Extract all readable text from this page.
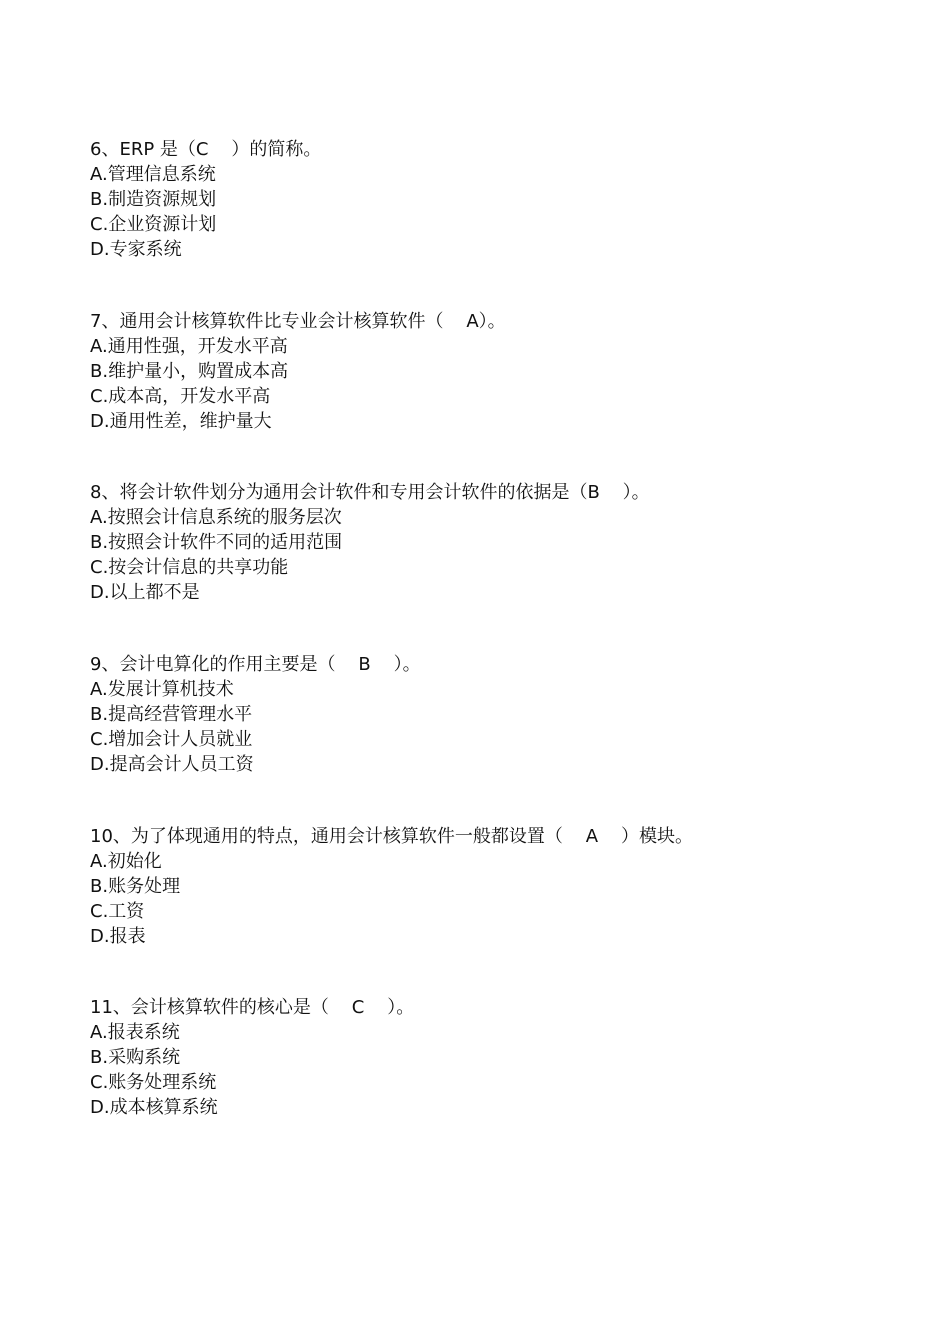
6、ERP 是（C    ）的简称。
A.管理信息系统
B.制造资源规划
C.企业资源计划
D.专家系统
7、通用会计核算软件比专业会计核算软件（    A）。
A.通用性强，开发水平高
B.维护量小，购置成本高
C.成本高，开发水平高
D.通用性差，维护量大
8、将会计软件划分为通用会计软件和专用会计软件的依据是（B    ）。
A.按照会计信息系统的服务层次
B.按照会计软件不同的适用范围
C.按会计信息的共享功能
D.以上都不是
9、会计电算化的作用主要是（    B    ）。
A.发展计算机技术
B.提高经营管理水平
C.增加会计人员就业
D.提高会计人员工资
10、为了体现通用的特点，通用会计核算软件一般都设置（    A    ）模块。
A.初始化
B.账务处理
C.工资
D.报表
11、会计核算软件的核心是（    C    ）。
A.报表系统
B.采购系统
C.账务处理系统
D.成本核算系统
